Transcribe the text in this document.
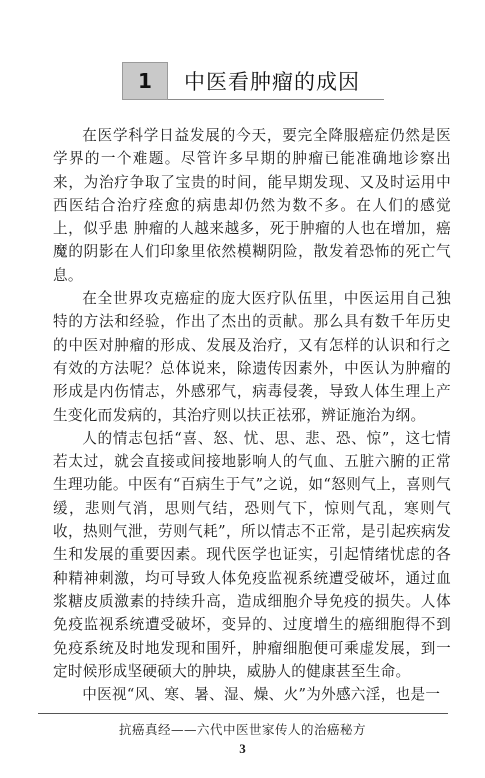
1	中医看肿瘤的成因

在医学科学日益发展的今天，要完全降服癌症仍然是医学界的一个难题。尽管许多早期的肿瘤已能准确地诊察出来，为治疗争取了宝贵的时间，能早期发现、又及时运用中西医结合治疗痊愈的病患却仍然为数不多。在人们的感觉上，似乎患 肿瘤的人越来越多，死于肿瘤的人也在增加，癌魔的阴影在人们印象里依然模糊阴险，散发着恐怖的死亡气息。

在全世界攻克癌症的庞大医疗队伍里，中医运用自己独特的方法和经验，作出了杰出的贡献。那么具有数千年历史的中医对肿瘤的形成、发展及治疗，又有怎样的认识和行之有效的方法呢？总体说来，除遗传因素外，中医认为肿瘤的形成是内伤情志，外感邪气，病毒侵袭，导致人体生理上产生变化而发病的，其治疗则以扶正祛邪，辨证施治为纲。

人的情志包括“喜、怒、忧、思、悲、恐、惊”，这七情若太过，就会直接或间接地影响人的气血、五脏六腑的正常生理功能。中医有“百病生于气”之说，如“怒则气上，喜则气缓，悲则气消，思则气结，恐则气下，惊则气乱，寒则气收，热则气泄，劳则气耗”，所以情志不正常，是引起疾病发生和发展的重要因素。现代医学也证实，引起情绪忧虑的各种精神刺激，均可导致人体免疫监视系统遭受破坏，通过血浆糖皮质激素的持续升高，造成细胞介导免疫的损失。人体免疫监视系统遭受破坏，变异的、过度增生的癌细胞得不到免疫系统及时地发现和围歼，肿瘤细胞便可乘虚发展，到一定时候形成坚硬硕大的肿块，威胁人的健康甚至生命。

中医视“风、寒、暑、湿、燥、火”为外感六淫，也是一

抗癌真经——六代中医世家传人的治癌秘方
3
